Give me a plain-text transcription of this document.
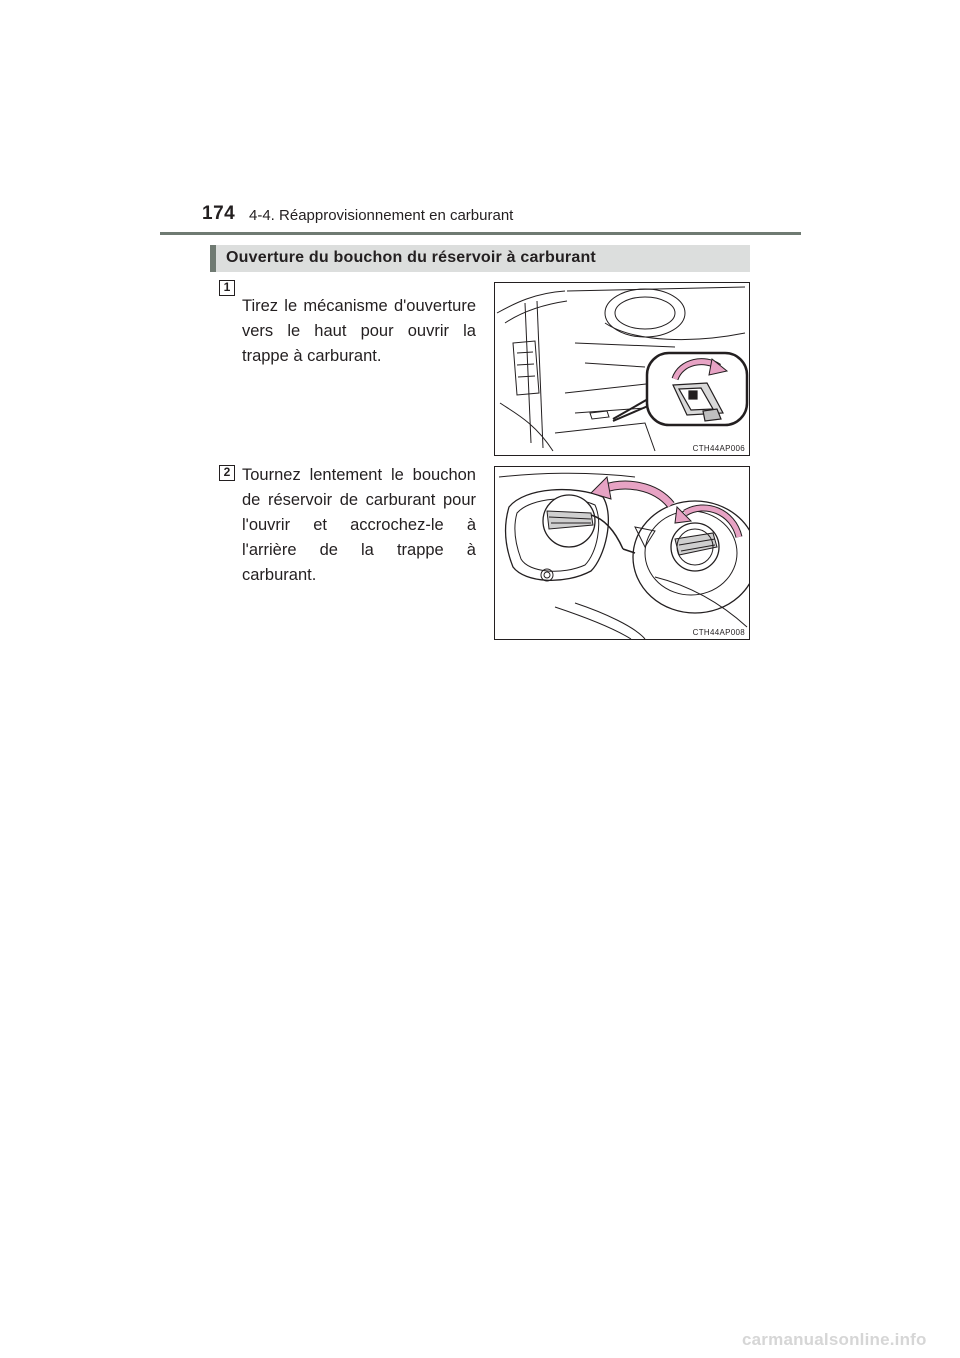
174 4-4. Réapprovisionnement en carburant
Ouverture du bouchon du réservoir à carburant
1
Tirez le mécanisme d'ouverture vers le haut pour ouvrir la trappe à carburant.
CTH44AP006
2 Tournez lentement le bouchon de réservoir de carburant pour l'ouvrir et accrochez-le à l'arrière de la trappe à carburant.
CTH44AP008
carmanualsonline.info
